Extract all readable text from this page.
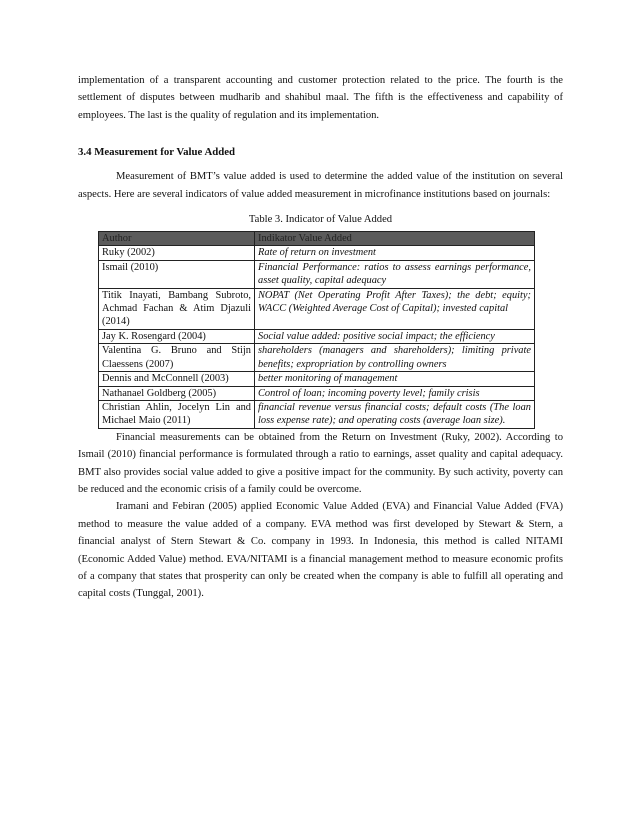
implementation of a transparent accounting and customer protection related to the price. The fourth is the settlement of disputes between mudharib and shahibul maal. The fifth is the effectiveness and capability of employees. The last is the quality of regulation and its implementation.

3.4 Measurement for Value Added

Measurement of BMT’s value added is used to determine the added value of the institution on several aspects. Here are several indicators of value added measurement in microfinance institutions based on journals:

Table 3. Indicator of Value Added
Author	Indikator Value Added
Ruky (2002)	Rate of return on investment
Ismail (2010)	Financial Performance: ratios to assess earnings performance, asset quality, capital adequacy
Titik Inayati, Bambang Subroto, Achmad Fachan & Atim Djazuli (2014)	NOPAT (Net Operating Profit After Taxes); the debt; equity; WACC (Weighted Average Cost of Capital); invested capital
Jay K. Rosengard (2004)	Social value added: positive social impact; the efficiency
Valentina G. Bruno and Stijn Claessens (2007)	shareholders (managers and shareholders); limiting private benefits; expropriation by controlling owners
Dennis and McConnell (2003)	better monitoring of management
Nathanael Goldberg (2005)	Control of loan; incoming poverty level; family crisis
Christian Ahlin, Jocelyn Lin and Michael Maio (2011)	financial revenue versus financial costs; default costs (The loan loss expense rate); and operating costs (average loan size).

Financial measurements can be obtained from the Return on Investment (Ruky, 2002). According to Ismail (2010) financial performance is formulated through a ratio to earnings, asset quality and capital adequacy. BMT also provides social value added to give a positive impact for the community. By such activity, poverty can be reduced and the economic crisis of a family could be overcome.

Iramani and Febiran (2005) applied Economic Value Added (EVA) and Financial Value Added (FVA) method to measure the value added of a company. EVA method was first developed by Stewart & Stern, a financial analyst of Stern Stewart & Co. company in 1993. In Indonesia, this method is called NITAMI (Economic Added Value) method. EVA/NITAMI is a financial management method to measure economic profits of a company that states that prosperity can only be created when the company is able to fulfill all operating and capital costs (Tunggal, 2001).
